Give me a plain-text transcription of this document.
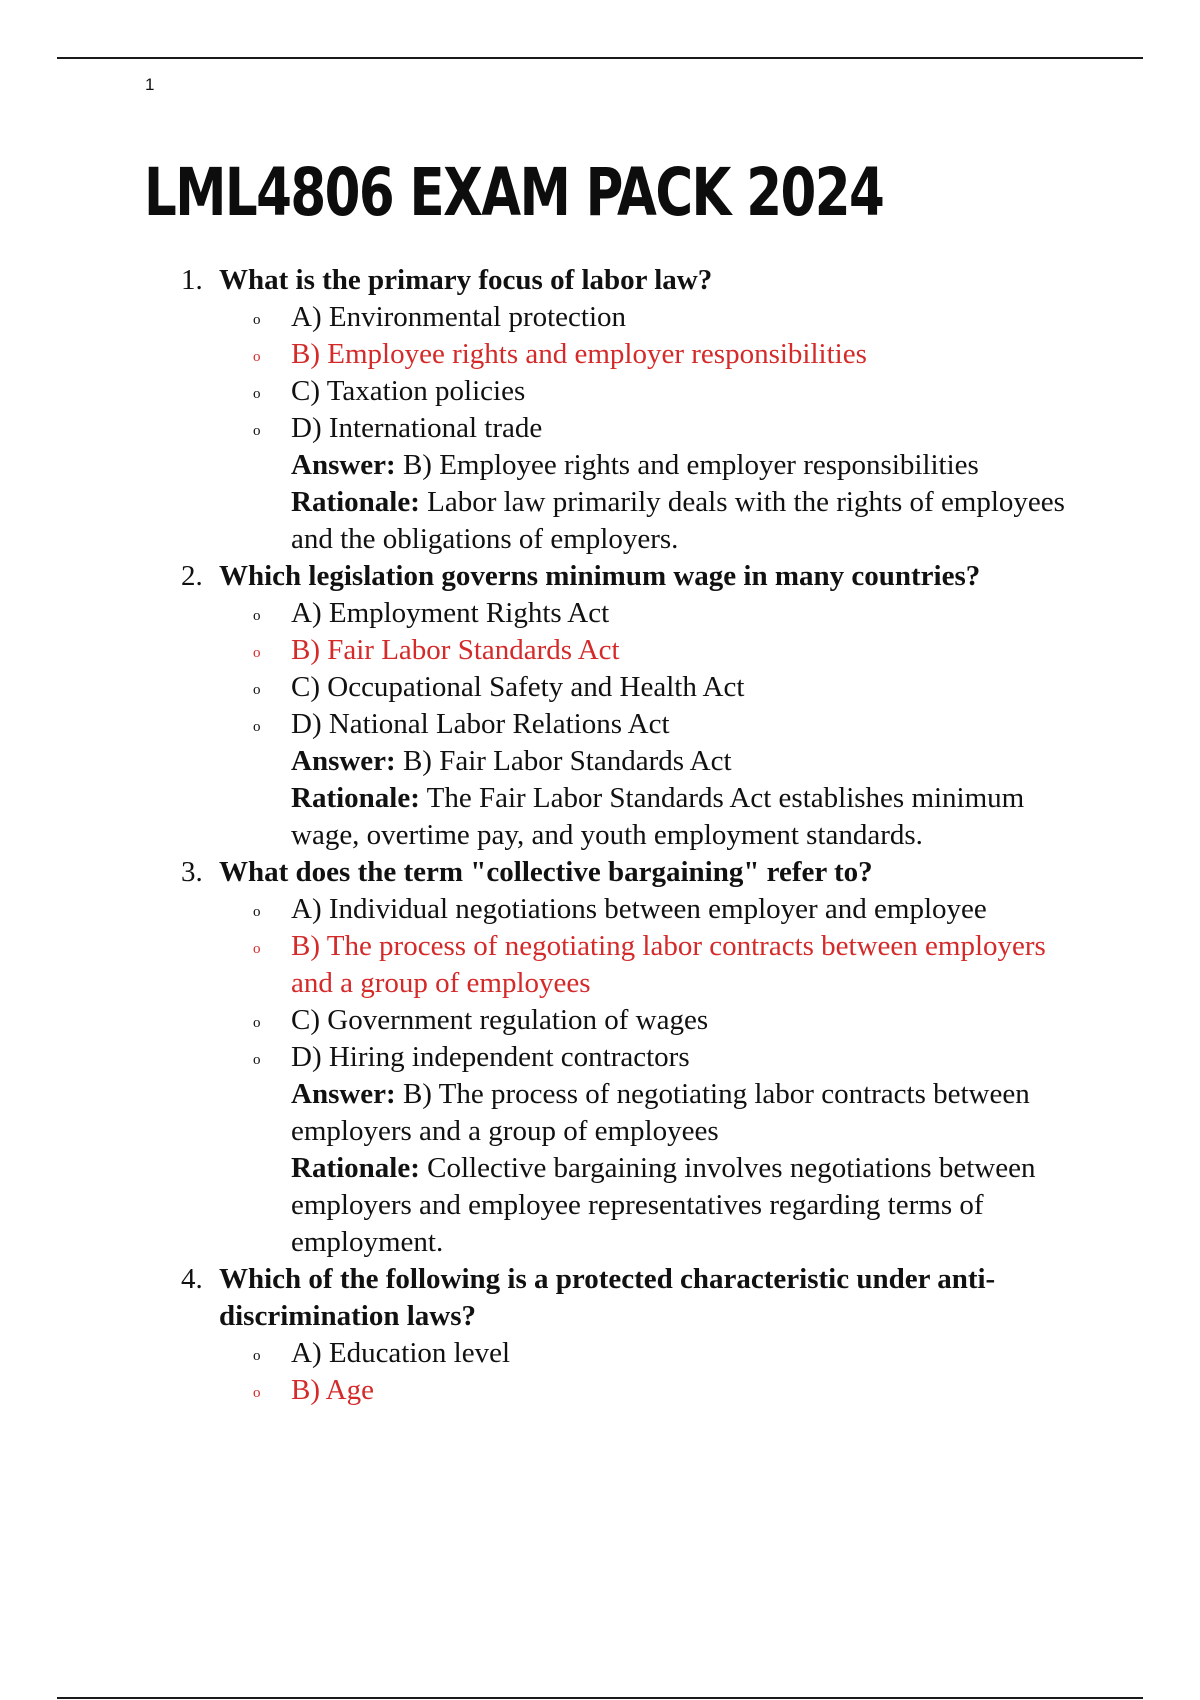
1
LML4806 EXAM PACK 2024
1. What is the primary focus of labor law?
o A) Environmental protection
o B) Employee rights and employer responsibilities
o C) Taxation policies
o D) International trade
Answer: B) Employee rights and employer responsibilities
Rationale: Labor law primarily deals with the rights of employees and the obligations of employers.
2. Which legislation governs minimum wage in many countries?
o A) Employment Rights Act
o B) Fair Labor Standards Act
o C) Occupational Safety and Health Act
o D) National Labor Relations Act
Answer: B) Fair Labor Standards Act
Rationale: The Fair Labor Standards Act establishes minimum wage, overtime pay, and youth employment standards.
3. What does the term "collective bargaining" refer to?
o A) Individual negotiations between employer and employee
o B) The process of negotiating labor contracts between employers and a group of employees
o C) Government regulation of wages
o D) Hiring independent contractors
Answer: B) The process of negotiating labor contracts between employers and a group of employees
Rationale: Collective bargaining involves negotiations between employers and employee representatives regarding terms of employment.
4. Which of the following is a protected characteristic under anti-discrimination laws?
o A) Education level
o B) Age
